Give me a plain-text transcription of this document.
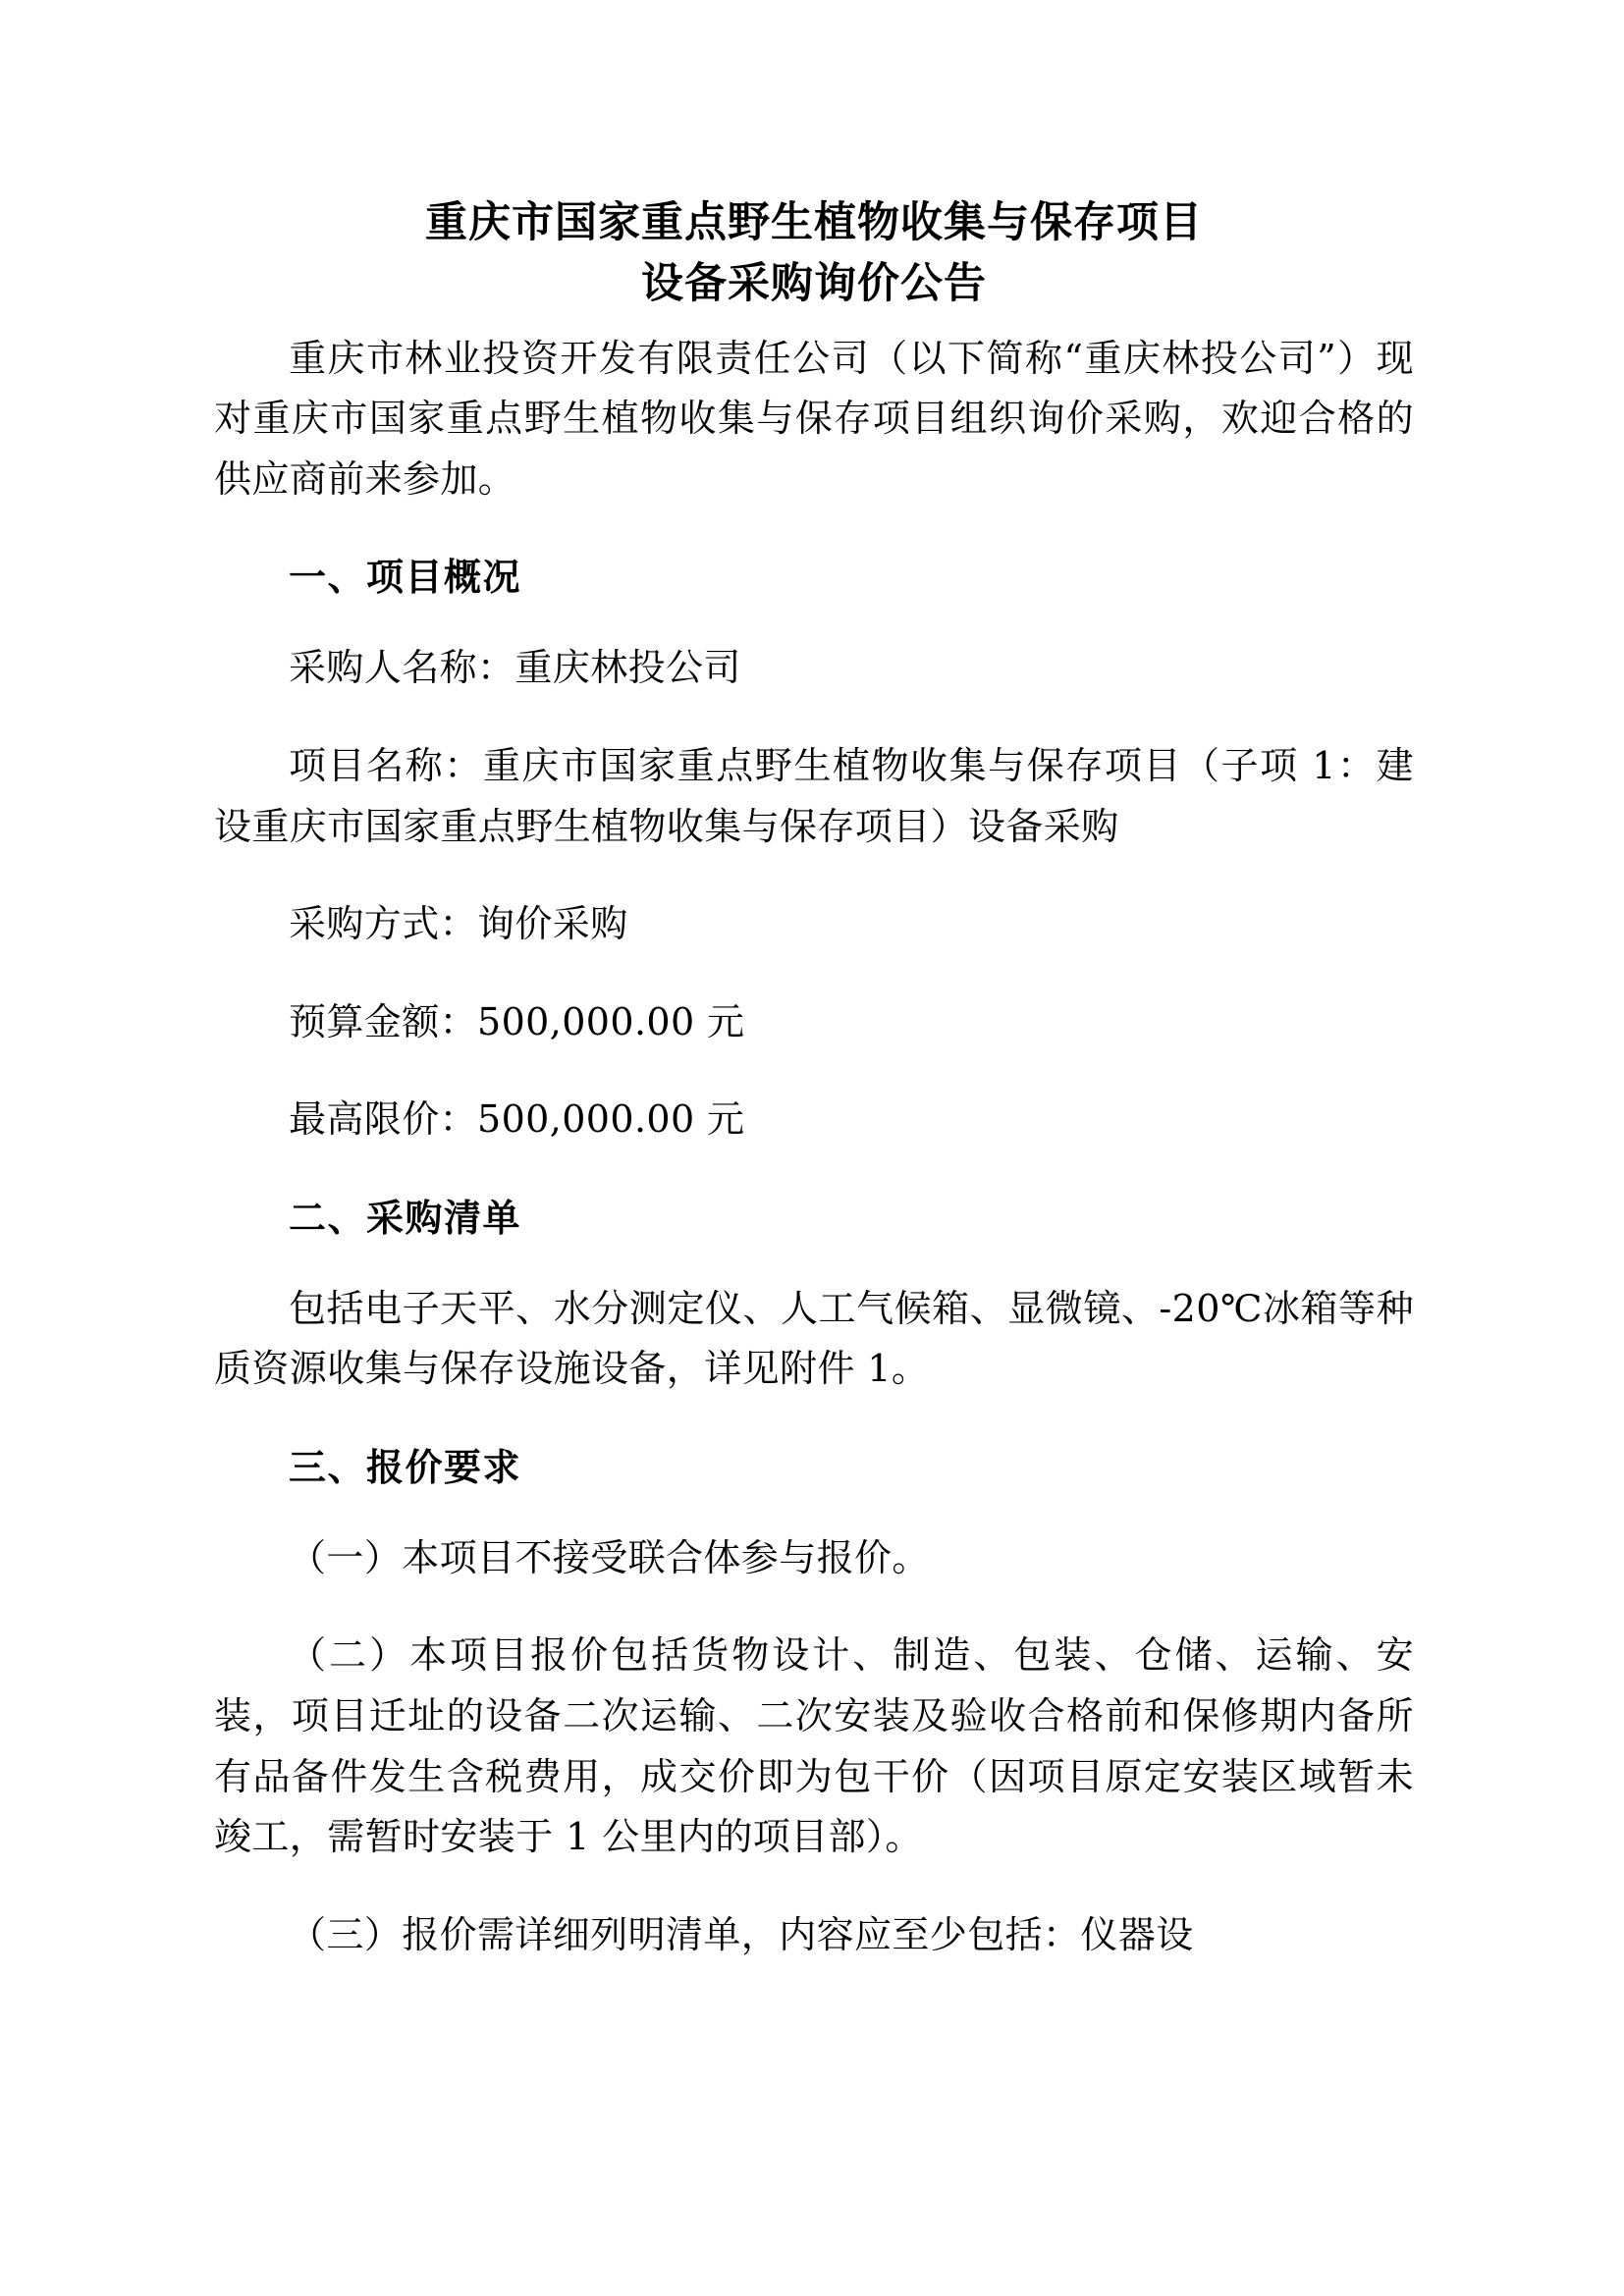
重庆市国家重点野生植物收集与保存项目
设备采购询价公告

重庆市林业投资开发有限责任公司（以下简称“重庆林投公司”）现对重庆市国家重点野生植物收集与保存项目组织询价采购，欢迎合格的供应商前来参加。

一、项目概况

采购人名称：重庆林投公司

项目名称：重庆市国家重点野生植物收集与保存项目（子项 1：建设重庆市国家重点野生植物收集与保存项目）设备采购

采购方式：询价采购

预算金额：500,000.00 元

最高限价：500,000.00 元

二、采购清单

包括电子天平、水分测定仪、人工气候箱、显微镜、-20℃冰箱等种质资源收集与保存设施设备，详见附件 1。

三、报价要求

（一）本项目不接受联合体参与报价。

（二）本项目报价包括货物设计、制造、包装、仓储、运输、安装，项目迁址的设备二次运输、二次安装及验收合格前和保修期内备所有品备件发生含税费用，成交价即为包干价（因项目原定安装区域暂未竣工，需暂时安装于 1 公里内的项目部）。

（三）报价需详细列明清单，内容应至少包括：仪器设
